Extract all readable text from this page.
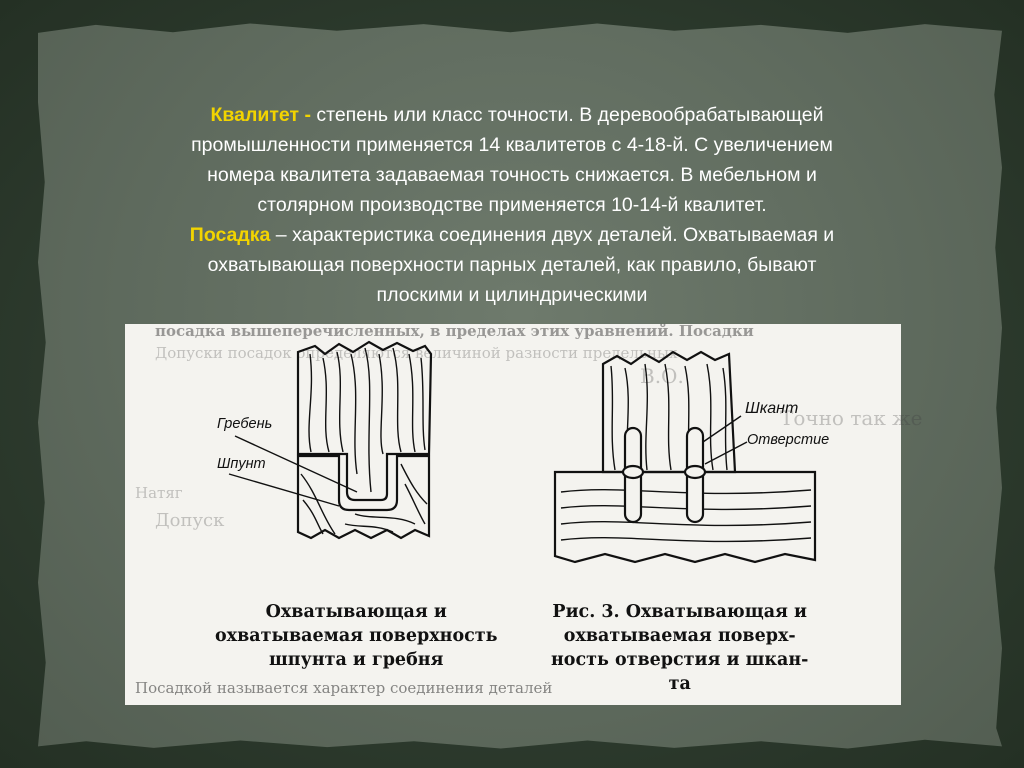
Квалитет - степень или класс точности. В деревообрабатывающей
промышленности применяется 14 квалитетов с 4-18-й. С увеличением
номера квалитета задаваемая точность снижается. В мебельном и
столярном производстве применяется 10-14-й квалитет.
Посадка – характеристика соединения двух деталей. Охватываемая и
охватывающая поверхности парных деталей, как правило, бывают
плоскими и цилиндрическими
посадка вышеперечисленных, в пределах этих уравнений. Посадки
Допуски посадок определяются величиной разности предельных
В.О.
Точно так же
Натяг
Допуск
Посадкой называется характер соединения деталей
Гребень
Шпунт
Шкант
Отверстие
Охватывающая и
охватываемая поверхность
шпунта и гребня
Рис. 3. Охватывающая и
охватываемая поверх-
ность отверстия и шкан-
та
